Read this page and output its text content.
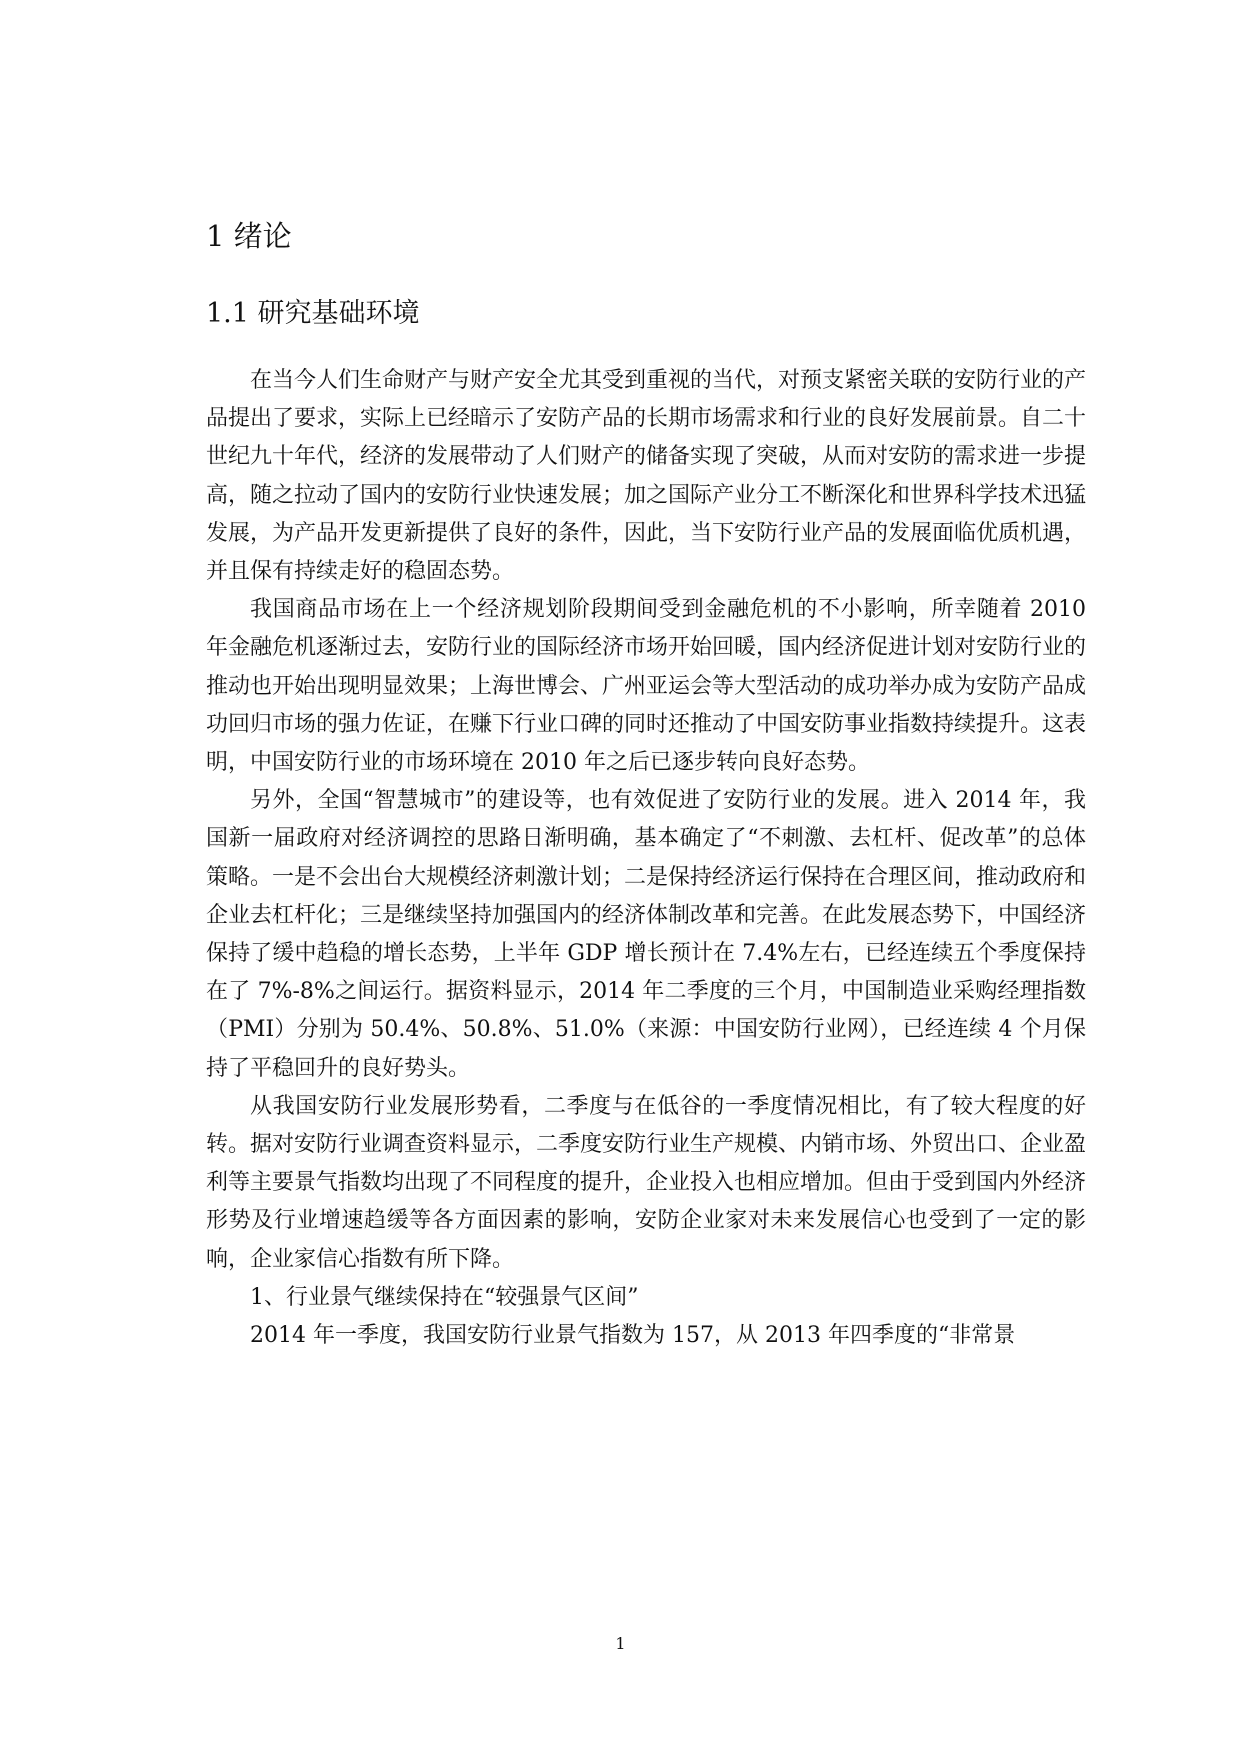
1 绪论
1.1 研究基础环境

在当今人们生命财产与财产安全尤其受到重视的当代，对预支紧密关联的安防行业的产品提出了要求，实际上已经暗示了安防产品的长期市场需求和行业的良好发展前景。自二十世纪九十年代，经济的发展带动了人们财产的储备实现了突破，从而对安防的需求进一步提高，随之拉动了国内的安防行业快速发展；加之国际产业分工不断深化和世界科学技术迅猛发展，为产品开发更新提供了良好的条件，因此，当下安防行业产品的发展面临优质机遇，并且保有持续走好的稳固态势。

我国商品市场在上一个经济规划阶段期间受到金融危机的不小影响，所幸随着 2010 年金融危机逐渐过去，安防行业的国际经济市场开始回暖，国内经济促进计划对安防行业的推动也开始出现明显效果；上海世博会、广州亚运会等大型活动的成功举办成为安防产品成功回归市场的强力佐证，在赚下行业口碑的同时还推动了中国安防事业指数持续提升。这表明，中国安防行业的市场环境在 2010 年之后已逐步转向良好态势。

另外，全国“智慧城市”的建设等，也有效促进了安防行业的发展。进入 2014 年，我国新一届政府对经济调控的思路日渐明确，基本确定了“不刺激、去杠杆、促改革”的总体策略。一是不会出台大规模经济刺激计划；二是保持经济运行保持在合理区间，推动政府和企业去杠杆化；三是继续坚持加强国内的经济体制改革和完善。在此发展态势下，中国经济保持了缓中趋稳的增长态势，上半年 GDP 增长预计在 7.4%左右，已经连续五个季度保持在了 7%-8%之间运行。据资料显示，2014 年二季度的三个月，中国制造业采购经理指数（PMI）分别为 50.4%、50.8%、51.0%（来源：中国安防行业网），已经连续 4 个月保持了平稳回升的良好势头。

从我国安防行业发展形势看，二季度与在低谷的一季度情况相比，有了较大程度的好转。据对安防行业调查资料显示，二季度安防行业生产规模、内销市场、外贸出口、企业盈利等主要景气指数均出现了不同程度的提升，企业投入也相应增加。但由于受到国内外经济形势及行业增速趋缓等各方面因素的影响，安防企业家对未来发展信心也受到了一定的影响，企业家信心指数有所下降。

1、行业景气继续保持在“较强景气区间”

2014 年一季度，我国安防行业景气指数为 157，从 2013 年四季度的“非常景

1
